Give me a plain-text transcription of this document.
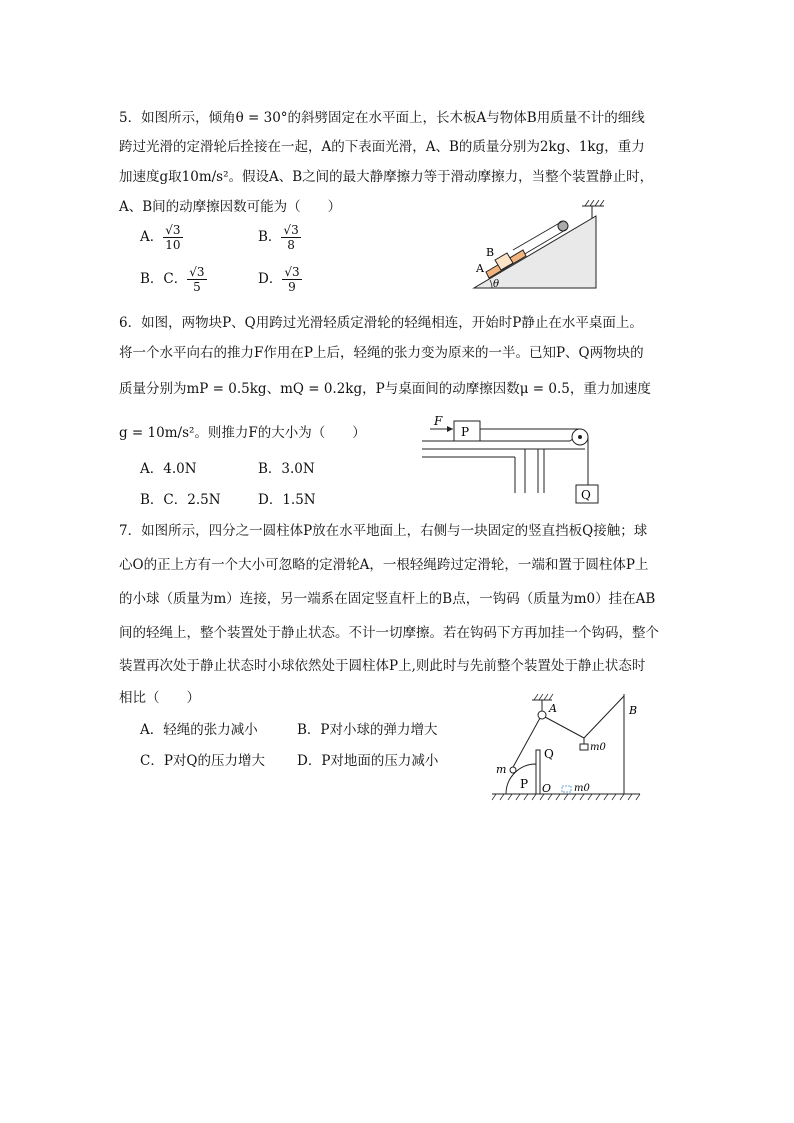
5．如图所示，倾角θ = 30°的斜劈固定在水平面上，长木板A与物体B用质量不计的细线
跨过光滑的定滑轮后拴接在一起，A的下表面光滑，A、B的质量分别为2kg、1kg，重力
加速度g取10m/s²。假设A、B之间的最大静摩擦力等于滑动摩擦力，当整个装置静止时，
A、B间的动摩擦因数可能为（　　）
A． $\frac{√3}{10}$	B． $\frac{√3}{8}$
B．C． $\frac{√3}{5}$	D． $\frac{√3}{9}$
B
A
θ
6．如图，两物块P、Q用跨过光滑轻质定滑轮的轻绳相连，开始时P静止在水平桌面上。
将一个水平向右的推力F作用在P上后，轻绳的张力变为原来的一半。已知P、Q两物块的
质量分别为mP = 0.5kg、mQ = 0.2kg，P与桌面间的动摩擦因数μ = 0.5，重力加速度
g = 10m/s²。则推力F的大小为（　　）
A．4.0N	B．3.0N
B．C．2.5N	D．1.5N
P
F
Q
7．如图所示，四分之一圆柱体P放在水平地面上，右侧与一块固定的竖直挡板Q接触；球
心O的正上方有一个大小可忽略的定滑轮A，一根轻绳跨过定滑轮，一端和置于圆柱体P上
的小球（质量为m）连接，另一端系在固定竖直杆上的B点，一钩码（质量为m0）挂在AB
间的轻绳上，整个装置处于静止状态。不计一切摩擦。若在钩码下方再加挂一个钩码，整个
装置再次处于静止状态时小球依然处于圆柱体P上,则此时与先前整个装置处于静止状态时
相比（　　）
A．轻绳的张力减小	B．P对小球的弹力增大
C．P对Q的压力增大 D．P对地面的压力减小
A	B
m0
P
m
Q
O m0
